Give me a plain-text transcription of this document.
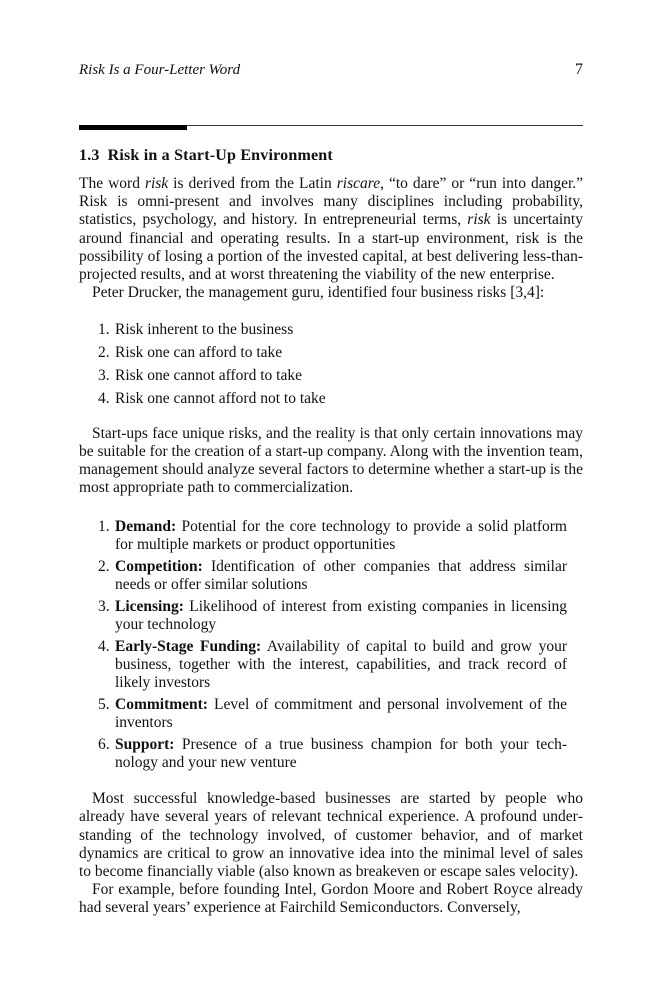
Risk Is a Four-Letter Word	7
1.3 Risk in a Start-Up Environment

The word risk is derived from the Latin riscare, “to dare” or “run into danger.” Risk is omni-present and involves many disciplines including probability, statistics, psychology, and history. In entrepreneurial terms, risk is uncertainty around financial and operating results. In a start-up environment, risk is the possibility of losing a portion of the invested capital, at best delivering less-than-projected results, and at worst threatening the viability of the new enterprise.

Peter Drucker, the management guru, identified four business risks [3,4]:

1. Risk inherent to the business
2. Risk one can afford to take
3. Risk one cannot afford to take
4. Risk one cannot afford not to take

Start-ups face unique risks, and the reality is that only certain innovations may be suitable for the creation of a start-up company. Along with the invention team, management should analyze several factors to determine whether a start-up is the most appropriate path to commercialization.

1. Demand: Potential for the core technology to provide a solid platform for multiple markets or product opportunities
2. Competition: Identification of other companies that address similar needs or offer similar solutions
3. Licensing: Likelihood of interest from existing companies in licensing your technology
4. Early-Stage Funding: Availability of capital to build and grow your business, together with the interest, capabilities, and track record of likely investors
5. Commitment: Level of commitment and personal involvement of the inventors
6. Support: Presence of a true business champion for both your technology and your new venture

Most successful knowledge-based businesses are started by people who already have several years of relevant technical experience. A profound understanding of the technology involved, of customer behavior, and of market dynamics are critical to grow an innovative idea into the minimal level of sales to become financially viable (also known as breakeven or escape sales velocity).

For example, before founding Intel, Gordon Moore and Robert Royce already had several years’ experience at Fairchild Semiconductors. Conversely,
